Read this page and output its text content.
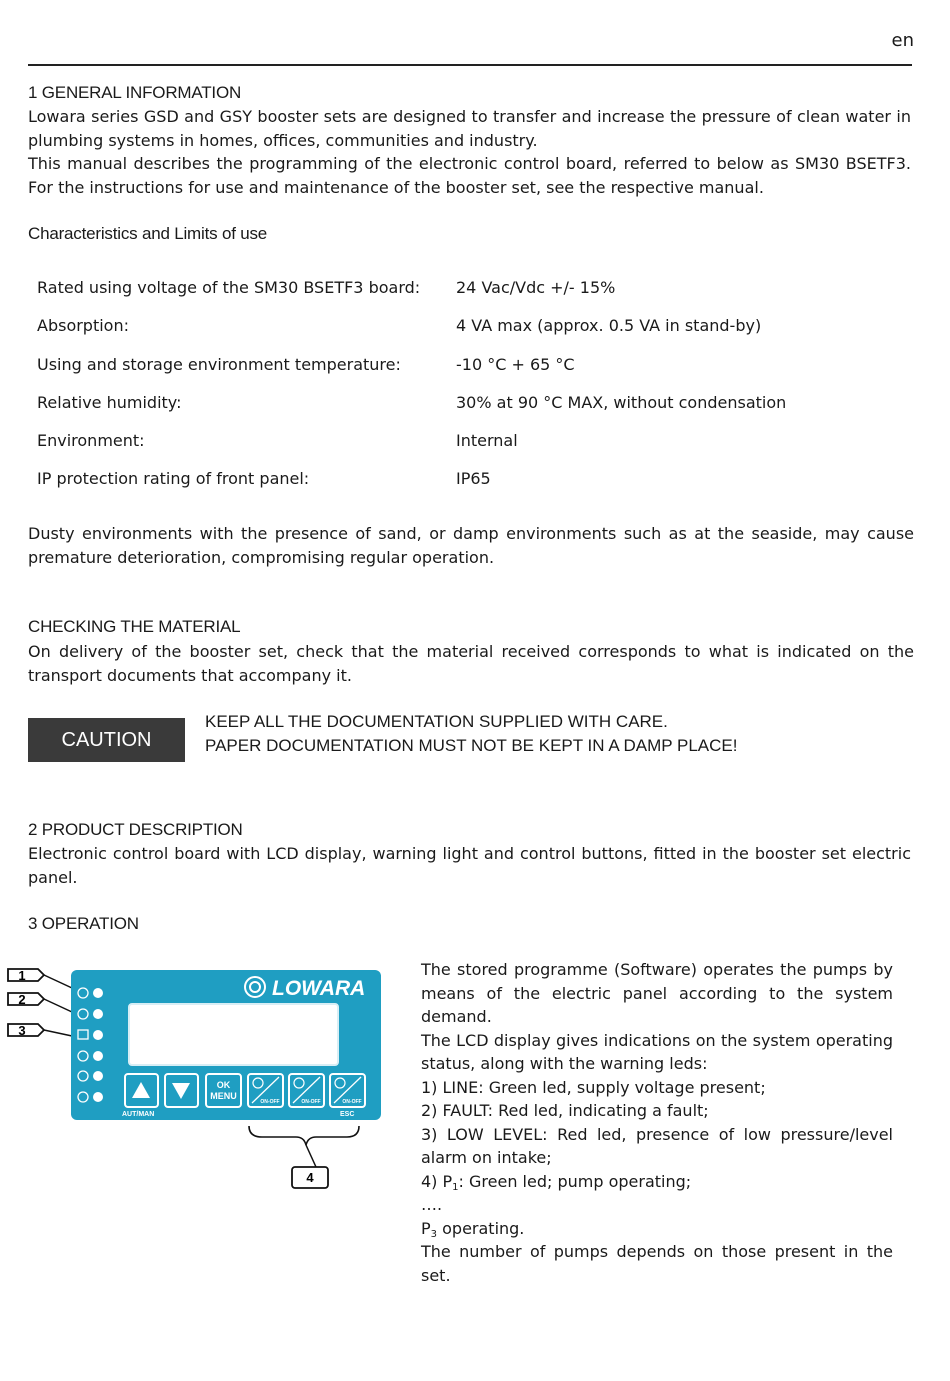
en
1 GENERAL INFORMATION

Lowara series GSD and GSY booster sets are designed to transfer and increase the pressure of clean water in plumbing systems in homes, offices, communities and industry.

This manual describes the programming of the electronic control board, referred to below as SM30 BSETF3. For the instructions for use and maintenance of the booster set, see the respective manual.

Characteristics and Limits of use
Rated using voltage of the SM30 BSETF3 board: 24 Vac/Vdc +/- 15%
Absorption:	4 VA max (approx. 0.5 VA in stand-by)
Using and storage environment temperature:	-10 °C + 65 °C
Relative humidity:	30% at 90 °C MAX, without condensation
Environment:	Internal
IP protection rating of front panel:	IP65
Dusty environments with the presence of sand, or damp environments such as at the seaside, may cause premature deterioration, compromising regular operation.
CHECKING THE MATERIAL
On delivery of the booster set, check that the material received corresponds to what is indicated on the transport documents that accompany it.
CAUTION
KEEP ALL THE DOCUMENTATION SUPPLIED WITH CARE.
PAPER DOCUMENTATION MUST NOT BE KEPT IN A DAMP PLACE!
2 PRODUCT DESCRIPTION
Electronic control board with LCD display, warning light and control buttons, fitted in the booster set electric panel.
3 OPERATION
1
2
3
LOWARA
OK
MENU
ON-OFF	ON-OFF	ON-OFF
AUT/MAN	ESC
4

The stored programme (Software) operates the pumps by means of the electric panel according to the system demand.

The LCD display gives indications on the system operating status, along with the warning leds:

1) LINE: Green led, supply voltage present;

2) FAULT: Red led, indicating a fault;

3) LOW LEVEL: Red led, presence of low pressure/level alarm on intake;

4) $P_1$: Green led; pump operating;

….

$P_3$ operating.

The number of pumps depends on those present in the set.
